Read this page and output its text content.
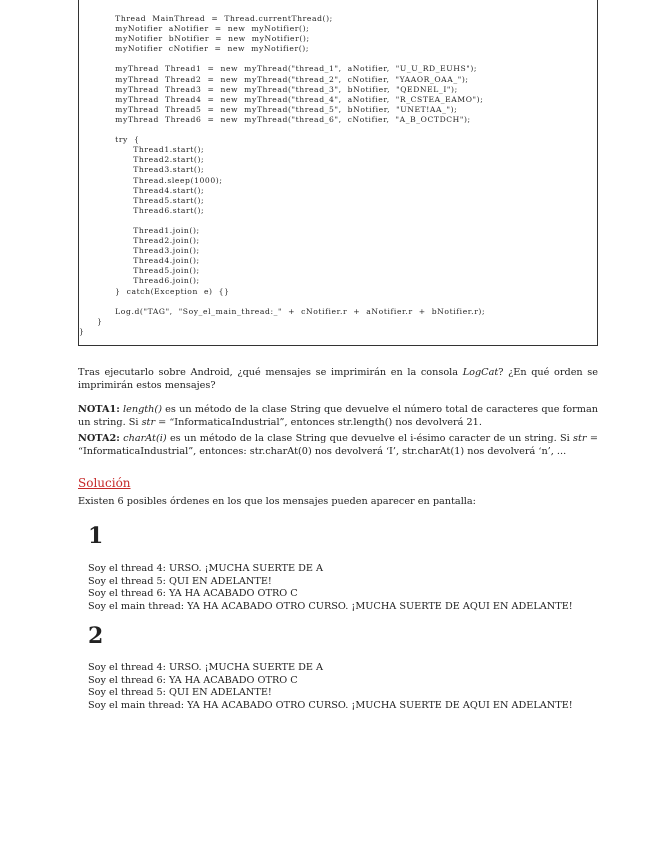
Thread  MainThread  =  Thread.currentThread();
myNotifier  aNotifier  =  new  myNotifier();
myNotifier  bNotifier  =  new  myNotifier();
myNotifier  cNotifier  =  new  myNotifier();
myThread  Thread1  =  new  myThread("thread_1",  aNotifier,  "U_U_RD_EUHS");
myThread  Thread2  =  new  myThread("thread_2",  cNotifier,  "YAAOR_OAA_");
myThread  Thread3  =  new  myThread("thread_3",  bNotifier,  "QEDNEL_I");
myThread  Thread4  =  new  myThread("thread_4",  aNotifier,  "R_CSTEA_EAMO");
myThread  Thread5  =  new  myThread("thread_5",  bNotifier,  "UNET!AA_");
myThread  Thread6  =  new  myThread("thread_6",  cNotifier,  "A_B_OCTDCH");
try  {
Thread1.start();
Thread2.start();
Thread3.start();
Thread.sleep(1000);
Thread4.start();
Thread5.start();
Thread6.start();
Thread1.join();
Thread2.join();
Thread3.join();
Thread4.join();
Thread5.join();
Thread6.join();
}  catch(Exception  e)  {}
Log.d("TAG",  "Soy_el_main_thread:_"  +  cNotifier.r  +  aNotifier.r  +  bNotifier.r);
}
}

Tras ejecutarlo sobre Android, ¿qué mensajes se imprimirán en la consola LogCat? ¿En qué orden se imprimirán estos mensajes?

NOTA1: length() es un método de la clase String que devuelve el número total de caracteres que forman un string. Si str = “InformaticaIndustrial”, entonces str.length() nos devolverá 21.

NOTA2: charAt(i) es un método de la clase String que devuelve el i-ésimo caracter de un string. Si str = “InformaticaIndustrial”, entonces: str.charAt(0) nos devolverá ‘I’, str.charAt(1) nos devolverá ‘n’, ...

Solución

Existen 6 posibles órdenes en los que los mensajes pueden aparecer en pantalla:

1
Soy el thread 4: URSO. ¡MUCHA SUERTE DE A
Soy el thread 5: QUI EN ADELANTE!
Soy el thread 6: YA HA ACABADO OTRO C
Soy el main thread: YA HA ACABADO OTRO CURSO. ¡MUCHA SUERTE DE AQUI EN ADELANTE!
2
Soy el thread 4: URSO. ¡MUCHA SUERTE DE A
Soy el thread 6: YA HA ACABADO OTRO C
Soy el thread 5: QUI EN ADELANTE!
Soy el main thread: YA HA ACABADO OTRO CURSO. ¡MUCHA SUERTE DE AQUI EN ADELANTE!
